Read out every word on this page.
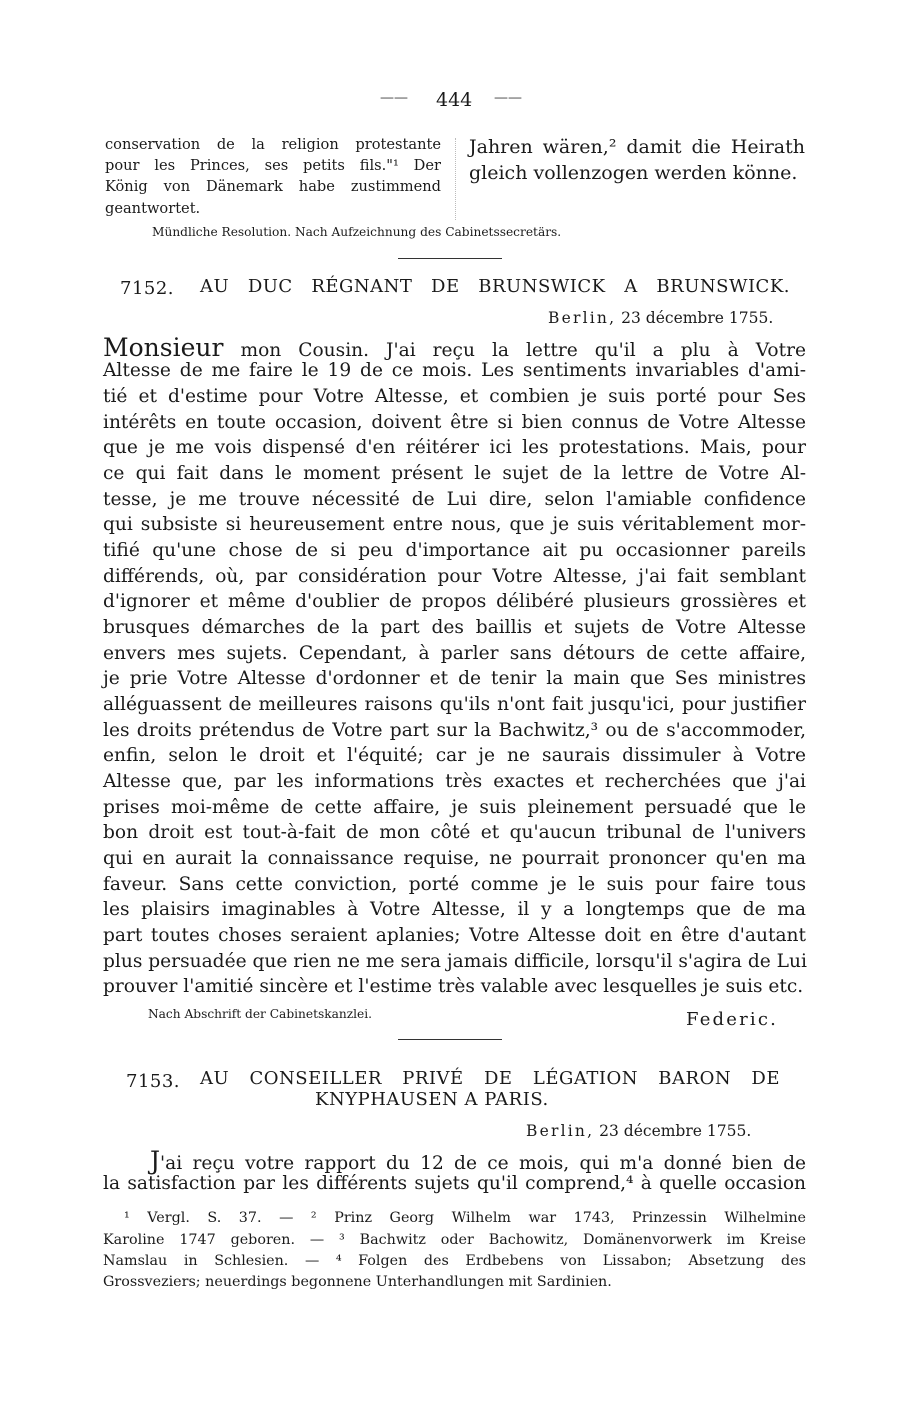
—— 444 ——
conservation de la religion protestante
pour les Princes, ses petits fils."¹ Der
König von Dänemark habe zustimmend
geantwortet.
Jahren wären,² damit die Heirath
gleich vollenzogen werden könne.
Mündliche Resolution. Nach Aufzeichnung des Cabinetssecretärs.
7152. AU DUC RÉGNANT DE BRUNSWICK A BRUNSWICK.
Berlin, 23 décembre 1755.
Monsieur mon Cousin. J'ai reçu la lettre qu'il a plu à Votre
Altesse de me faire le 19 de ce mois. Les sentiments invariables d'ami-
tié et d'estime pour Votre Altesse, et combien je suis porté pour Ses
intérêts en toute occasion, doivent être si bien connus de Votre Altesse
que je me vois dispensé d'en réitérer ici les protestations. Mais, pour
ce qui fait dans le moment présent le sujet de la lettre de Votre Al-
tesse, je me trouve nécessité de Lui dire, selon l'amiable confidence
qui subsiste si heureusement entre nous, que je suis véritablement mor-
tifié qu'une chose de si peu d'importance ait pu occasionner pareils
différends, où, par considération pour Votre Altesse, j'ai fait semblant
d'ignorer et même d'oublier de propos délibéré plusieurs grossières et
brusques démarches de la part des baillis et sujets de Votre Altesse
envers mes sujets. Cependant, à parler sans détours de cette affaire,
je prie Votre Altesse d'ordonner et de tenir la main que Ses ministres
alléguassent de meilleures raisons qu'ils n'ont fait jusqu'ici, pour justifier
les droits prétendus de Votre part sur la Bachwitz,³ ou de s'accommoder,
enfin, selon le droit et l'équité; car je ne saurais dissimuler à Votre
Altesse que, par les informations très exactes et recherchées que j'ai
prises moi-même de cette affaire, je suis pleinement persuadé que le
bon droit est tout-à-fait de mon côté et qu'aucun tribunal de l'univers
qui en aurait la connaissance requise, ne pourrait prononcer qu'en ma
faveur. Sans cette conviction, porté comme je le suis pour faire tous
les plaisirs imaginables à Votre Altesse, il y a longtemps que de ma
part toutes choses seraient aplanies; Votre Altesse doit en être d'autant
plus persuadée que rien ne me sera jamais difficile, lorsqu'il s'agira de Lui
prouver l'amitié sincère et l'estime très valable avec lesquelles je suis etc.
Nach Abschrift der Cabinetskanzlei.	Federic.
7153. AU CONSEILLER PRIVÉ DE LÉGATION BARON DE
KNYPHAUSEN A PARIS.
Berlin, 23 décembre 1755.
J'ai reçu votre rapport du 12 de ce mois, qui m'a donné bien de
la satisfaction par les différents sujets qu'il comprend,⁴ à quelle occasion
¹ Vergl. S. 37. — ² Prinz Georg Wilhelm war 1743, Prinzessin Wilhelmine
Karoline 1747 geboren. — ³ Bachwitz oder Bachowitz, Domänenvorwerk im Kreise
Namslau in Schlesien. — ⁴ Folgen des Erdbebens von Lissabon; Absetzung des
Grossveziers; neuerdings begonnene Unterhandlungen mit Sardinien.
